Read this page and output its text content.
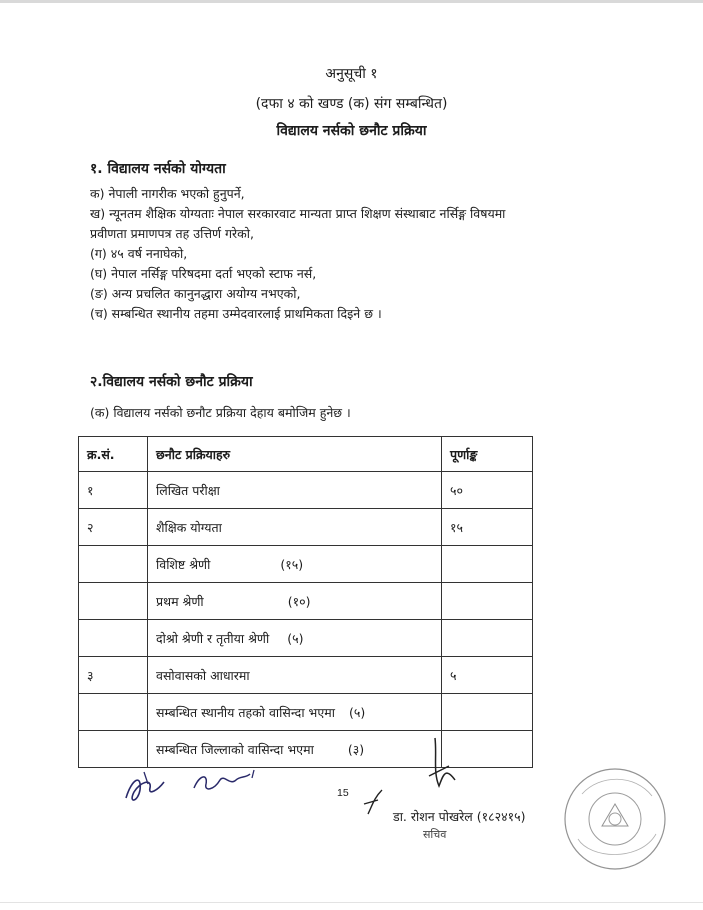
अनुसूची १
(दफा ४ को खण्ड (क) संग सम्बन्धित)
विद्यालय नर्सको छनौट प्रक्रिया
१. विद्यालय नर्सको योग्यता
क) नेपाली नागरीक भएको हुनुपर्ने,
ख) न्यूनतम शैक्षिक योग्यताः नेपाल सरकारवाट मान्यता प्राप्त शिक्षण संस्थाबाट नर्सिङ्ग विषयमा
प्रवीणता प्रमाणपत्र तह उत्तिर्ण गरेको,
(ग) ४५ वर्ष ननाघेको,
(घ) नेपाल नर्सिङ्ग परिषदमा दर्ता भएको स्टाफ नर्स,
(ङ) अन्य प्रचलित कानुनद्धारा अयोग्य नभएको,
(च) सम्बन्धित स्थानीय तहमा उम्मेदवारलाई प्राथमिकता दिइने छ ।
२.विद्यालय नर्सको छनौट प्रक्रिया
(क) विद्यालय नर्सको छनौट प्रक्रिया देहाय बमोजिम हुनेछ ।
क्र.सं.	छनौट प्रक्रियाहरु	पूर्णाङ्क
१	लिखित परीक्षा	५०
२	शैक्षिक योग्यता	१५
	विशिष्ट श्रेणी (१५)	
	प्रथम श्रेणी (१०)	
	दोश्रो श्रेणी र तृतीया श्रेणी (५)	
३	वसोवासको आधारमा	५
	सम्बन्धित स्थानीय तहको वासिन्दा भएमा (५)	
	सम्बन्धित जिल्लाको वासिन्दा भएमा (३)	
15
डा. रोशन पोखरेल (१८२४१५)
सचिव
